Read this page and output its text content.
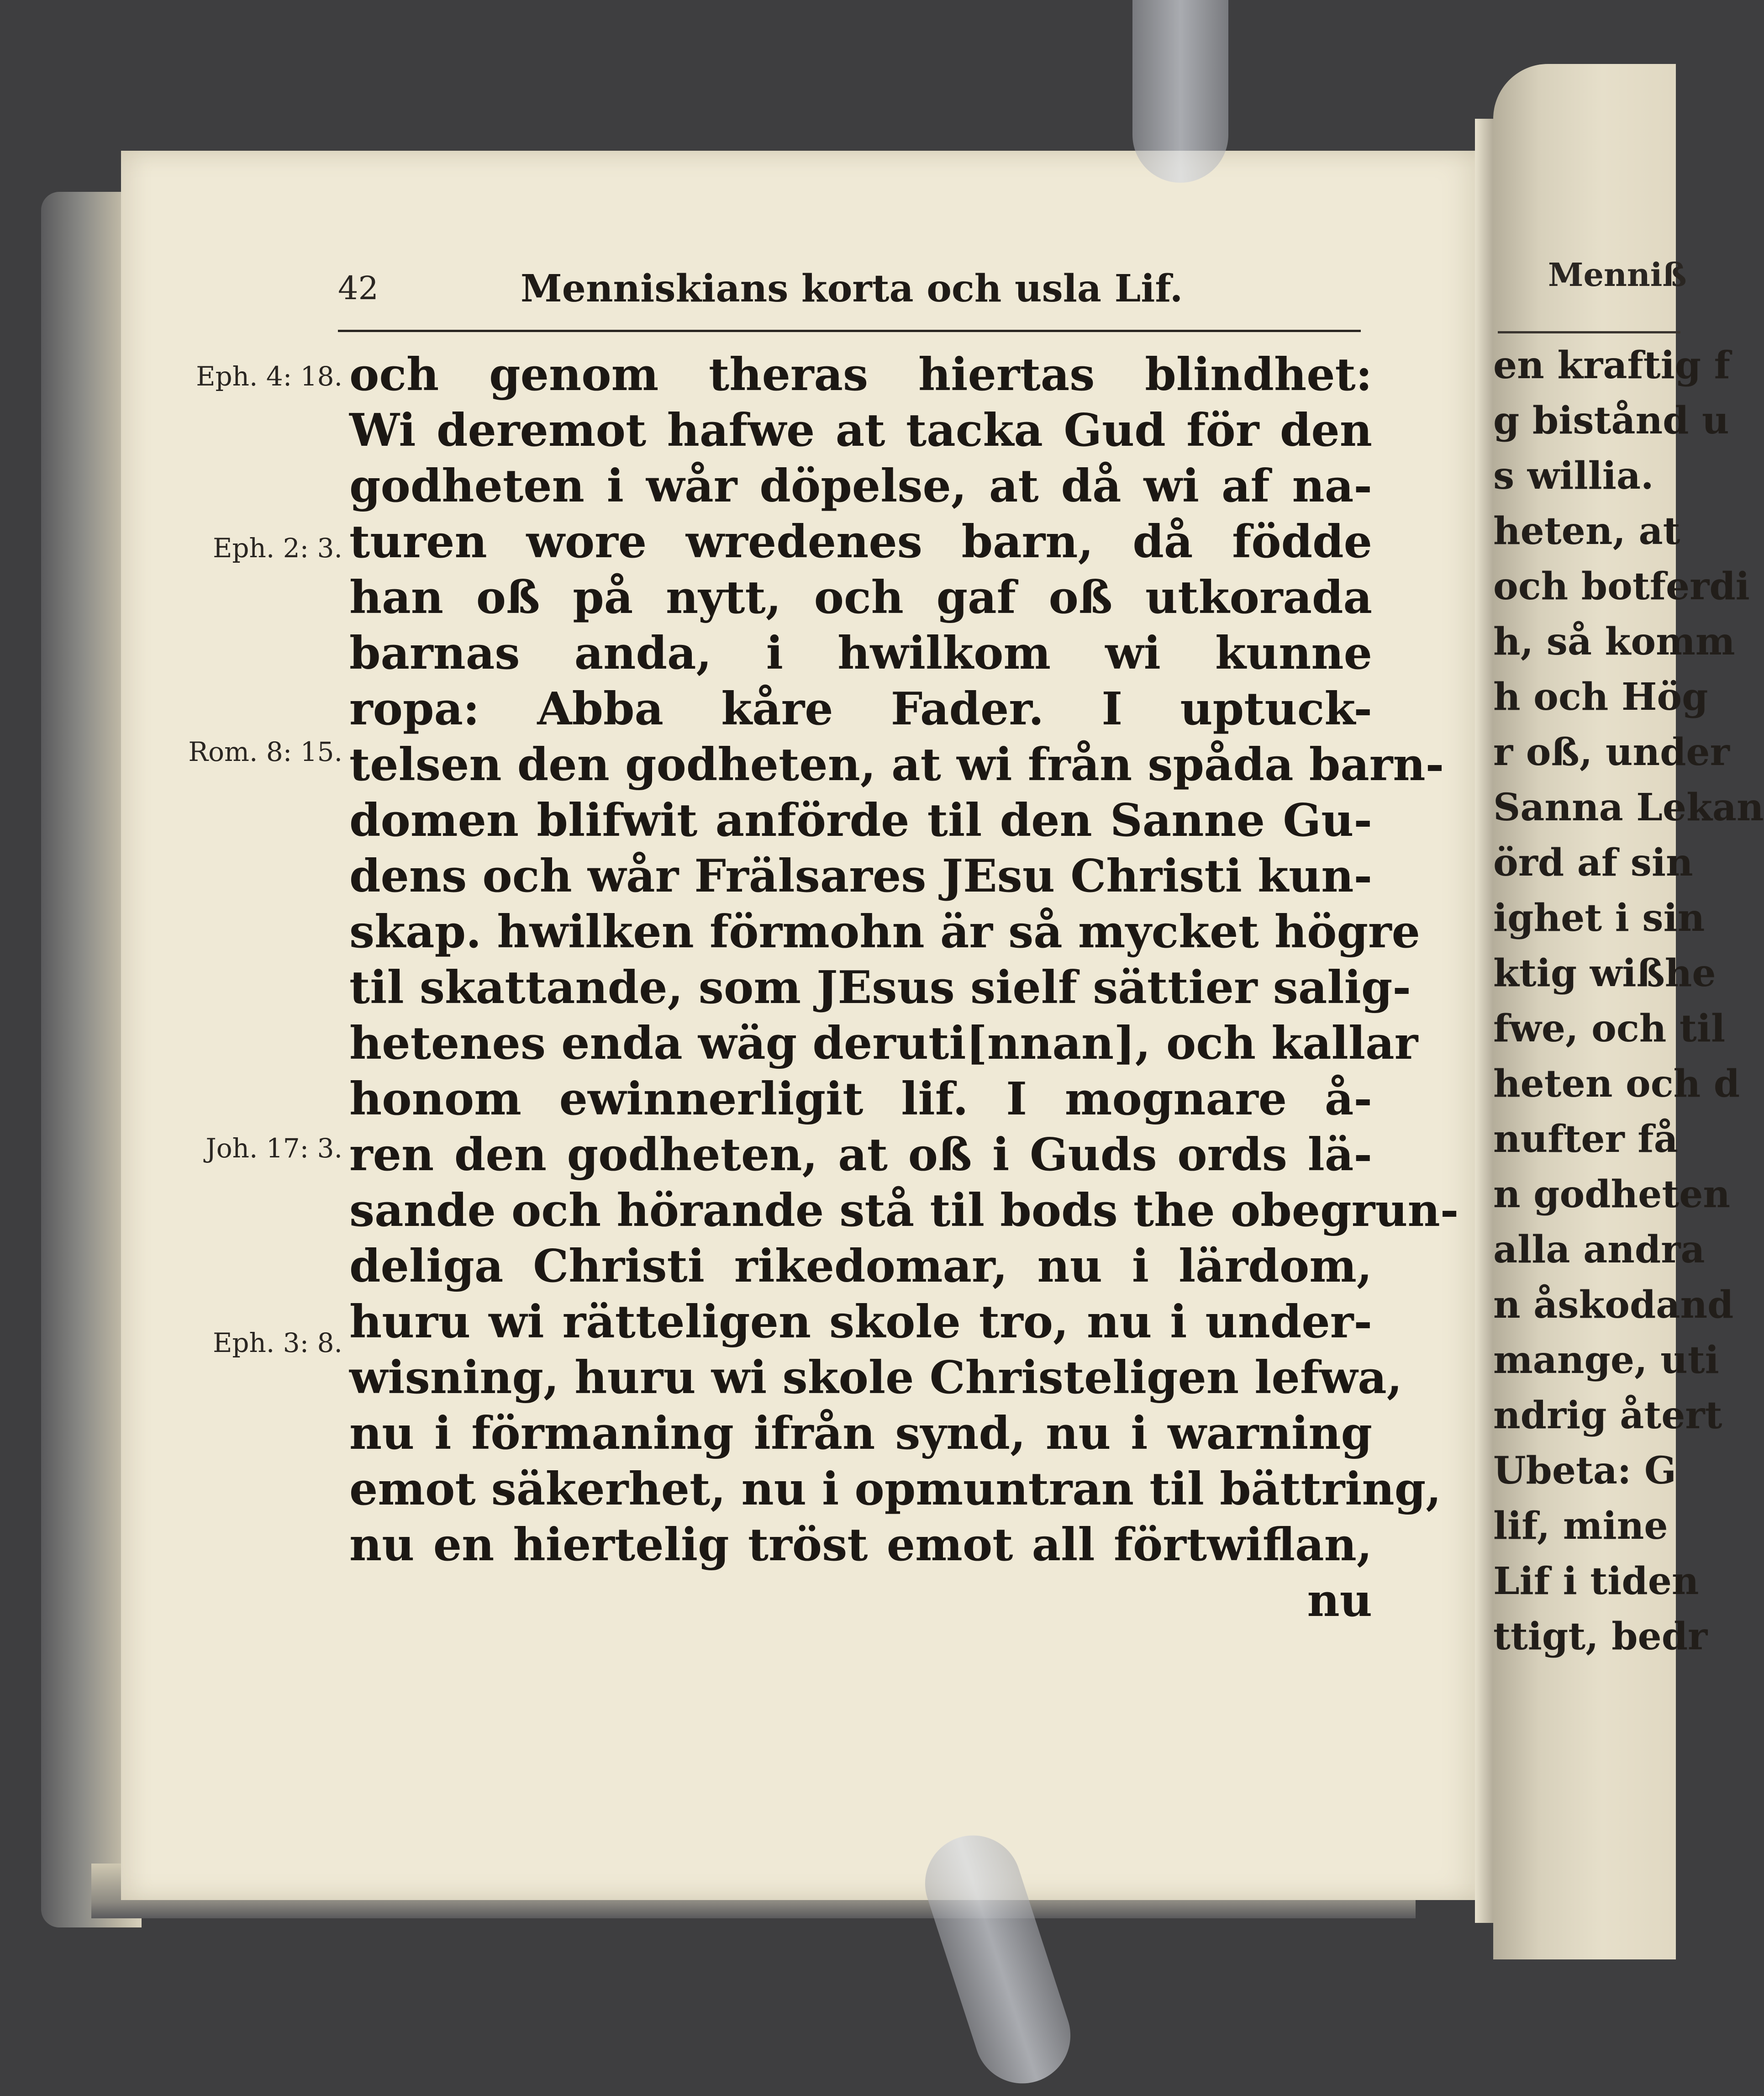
42	Menniskians korta och usla Lif.
och genom theras hiertas blindhet:
Wi deremot hafwe at tacka Gud för den
godheten i wår döpelse, at då wi af na-
turen wore wredenes barn, då födde
han oß på nytt, och gaf oß utkorada
barnas anda, i hwilkom wi kunne
ropa: Abba kåre Fader. I uptuck-
telsen den godheten, at wi från spåda barn-
domen blifwit anförde til den Sanne Gu-
dens och wår Frälsares JEsu Christi kun-
skap. hwilken förmohn är så mycket högre
til skattande, som JEsus sielf sättier salig-
hetenes enda wäg deruti[nnan], och kallar
honom ewinnerligit lif. I mognare å-
ren den godheten, at oß i Guds ords lä-
sande och hörande stå til bods the obegrun-
deliga Christi rikedomar, nu i lärdom,
huru wi rätteligen skole tro, nu i under-
wisning, huru wi skole Christeligen lefwa,
nu i förmaning ifrån synd, nu i warning
emot säkerhet, nu i opmuntran til bättring,
nu en hiertelig tröst emot all förtwiflan,
nu
Eph. 4: 18.
Eph. 2: 3.
Rom. 8: 15.
Joh. 17: 3.
Eph. 3: 8.
Menniß
en kraftig f
g bistånd u
s willia.
heten, at
och botferdi
h, så komm
h och Hög
r oß, under
Sanna Lekan
örd af sin
ighet i sin
ktig wißhe
fwe, och til
heten och d
nufter få
n godheten
alla andra
n åskodand
mange, uti
ndrig återt
Ubeta: G
lif, mine
Lif i tiden
ttigt, bedr
